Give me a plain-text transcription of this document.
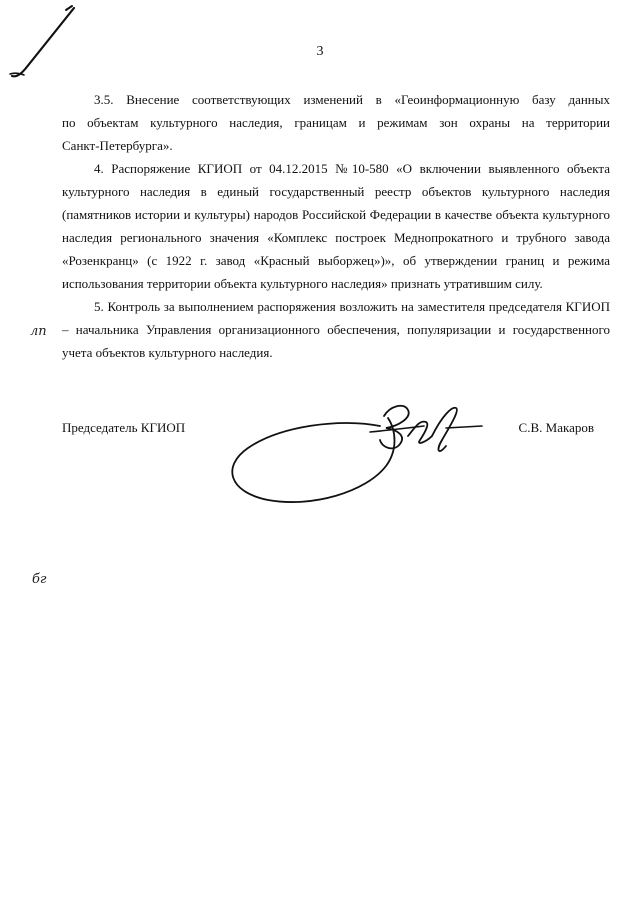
3

3.5. Внесение соответствующих изменений в «Геоинформационную базу данных
по объектам культурного наследия, границам и режимам зон охраны на территории
Санкт-Петербурга».

4. Распоряжение КГИОП от 04.12.2015 №10-580 «О включении выявленного объекта
культурного наследия в единый государственный реестр объектов культурного наследия
(памятников истории и культуры) народов Российской Федерации в качестве объекта культурного
наследия регионального значения «Комплекс построек Меднопрокатного и трубного завода
«Розенкранц» (с 1922 г. завод «Красный выборжец»)», об утверждении границ и режима
использования территории объекта культурного наследия» признать утратившим силу.

5. Контроль за выполнением распоряжения возложить на заместителя председателя КГИОП
– начальника Управления организационного обеспечения, популяризации и государственного
учета объектов культурного наследия.

лп
Председатель КГИОП	С.В. Макаров
бг
